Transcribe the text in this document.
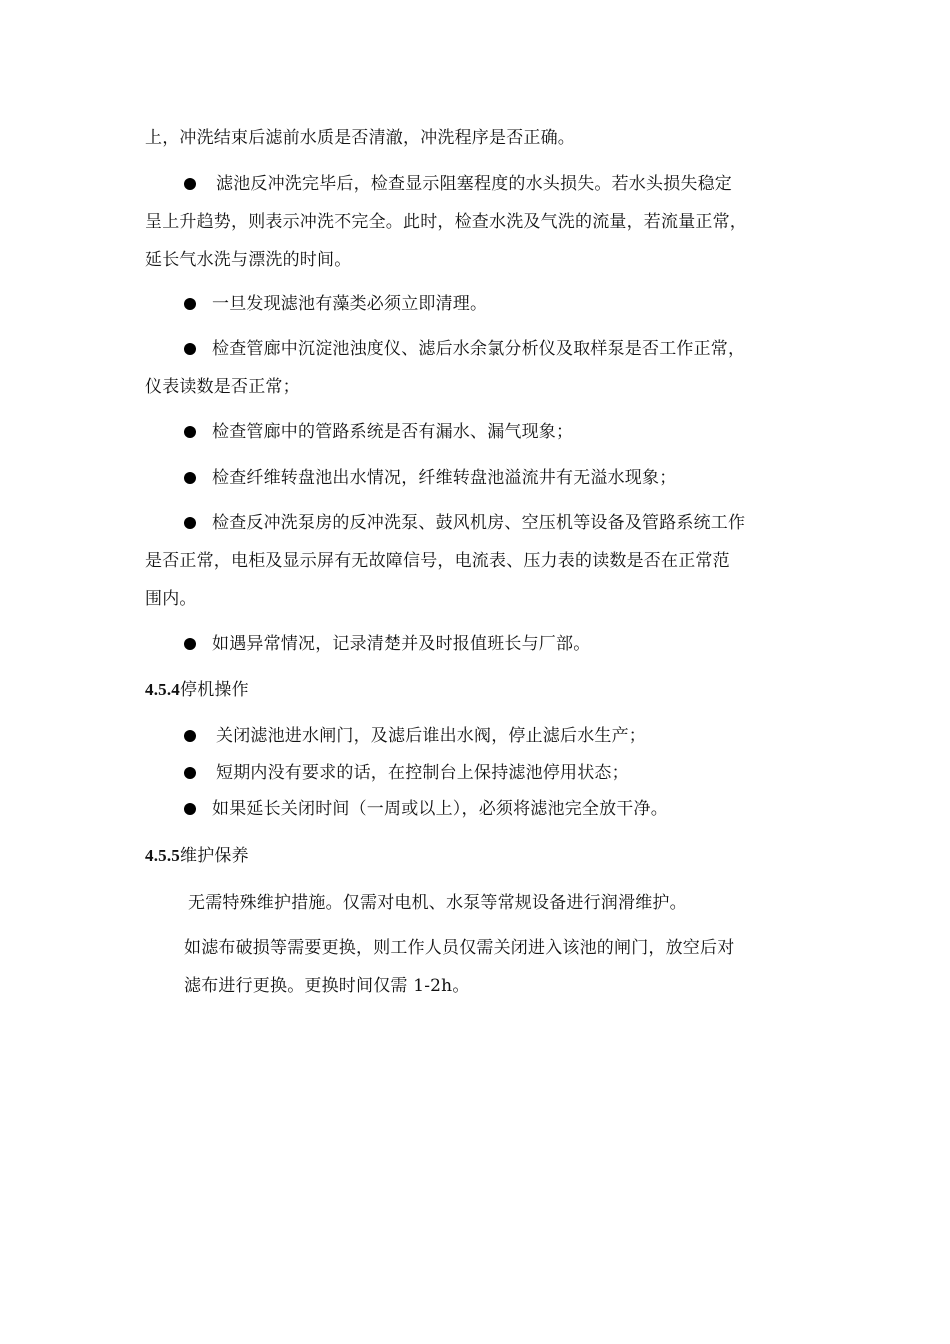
上，冲洗结束后滤前水质是否清澈，冲洗程序是否正确。
滤池反冲洗完毕后，检查显示阻塞程度的水头损失。若水头损失稳定
呈上升趋势，则表示冲洗不完全。此时，检查水洗及气洗的流量，若流量正常，
延长气水洗与漂洗的时间。
一旦发现滤池有藻类必须立即清理。
检查管廊中沉淀池浊度仪、滤后水余氯分析仪及取样泵是否工作正常，
仪表读数是否正常；
检查管廊中的管路系统是否有漏水、漏气现象；
检查纤维转盘池出水情况，纤维转盘池溢流井有无溢水现象；
检查反冲洗泵房的反冲洗泵、鼓风机房、空压机等设备及管路系统工作
是否正常，电柜及显示屏有无故障信号，电流表、压力表的读数是否在正常范
围内。
如遇异常情况，记录清楚并及时报值班长与厂部。
4.5.4停机操作
关闭滤池进水闸门，及滤后谁出水阀，停止滤后水生产；
短期内没有要求的话，在控制台上保持滤池停用状态；
如果延长关闭时间（一周或以上），必须将滤池完全放干净。
4.5.5维护保养
无需特殊维护措施。仅需对电机、水泵等常规设备进行润滑维护。
如滤布破损等需要更换，则工作人员仅需关闭进入该池的闸门，放空后对
滤布进行更换。更换时间仅需 1-2h。
